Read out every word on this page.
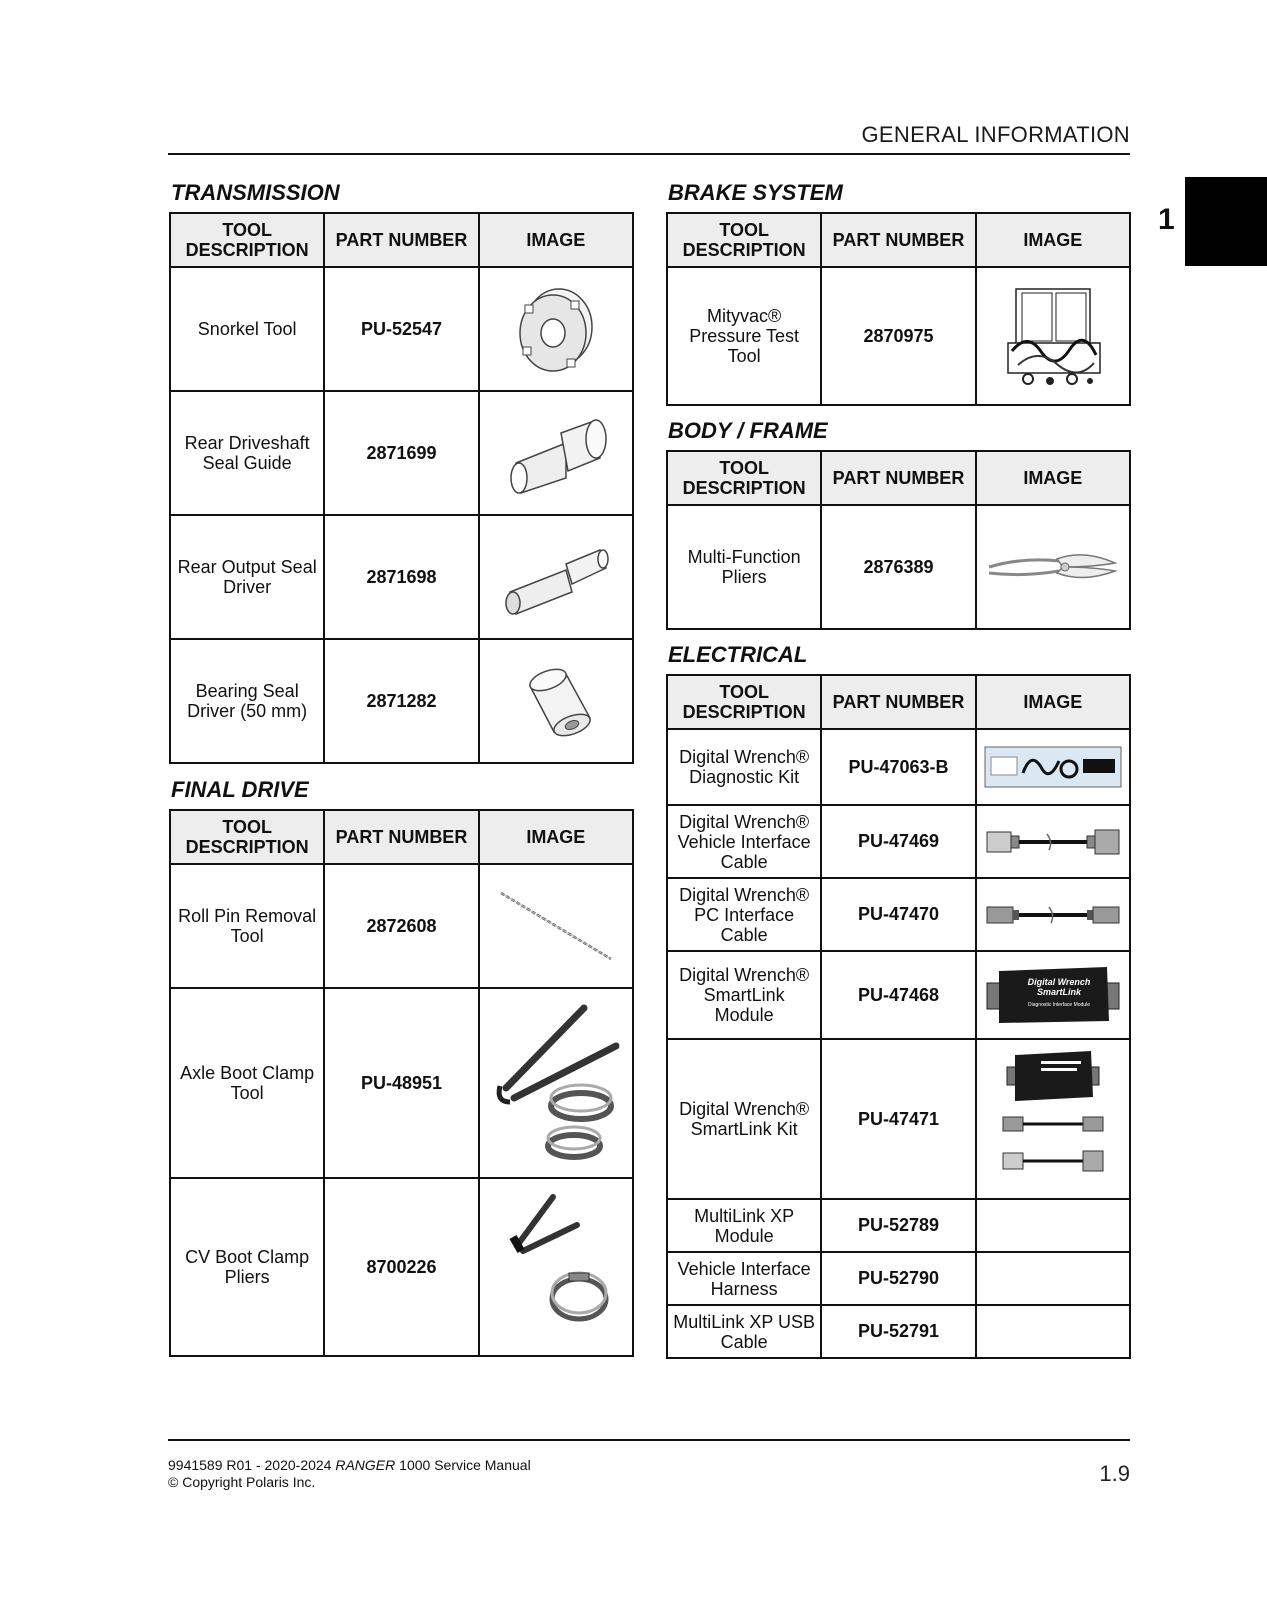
GENERAL INFORMATION
1
TRANSMISSION
TOOL DESCRIPTION	PART NUMBER	IMAGE
Snorkel Tool	PU-52547	

Rear Driveshaft Seal Guide	2871699	

Rear Output Seal Driver	2871698	

Bearing Seal Driver (50 mm)	2871282	
FINAL DRIVE
TOOL DESCRIPTION	PART NUMBER	IMAGE
Roll Pin Removal Tool	2872608	

Axle Boot Clamp Tool	PU-48951	

CV Boot Clamp Pliers	8700226	
BRAKE SYSTEM
TOOL DESCRIPTION	PART NUMBER	IMAGE
Mityvac® Pressure Test Tool	2870975	
BODY / FRAME
TOOL DESCRIPTION	PART NUMBER	IMAGE
Multi-Function Pliers	2876389	
ELECTRICAL
TOOL DESCRIPTION	PART NUMBER	IMAGE
Digital Wrench® Diagnostic Kit	PU-47063-B	

Digital Wrench® Vehicle Interface Cable	PU-47469	

Digital Wrench® PC Interface Cable	PU-47470	

Digital Wrench® SmartLink Module	PU-47468	Digital Wrench
SmartLink
Diagnostic Interface Module

Digital Wrench® SmartLink Kit	PU-47471	

MultiLink XP Module	PU-52789	
Vehicle Interface Harness	PU-52790	
MultiLink XP USB Cable	PU-52791	
9941589 R01 - 2020-2024 RANGER 1000 Service Manual
© Copyright Polaris Inc.	1.9
